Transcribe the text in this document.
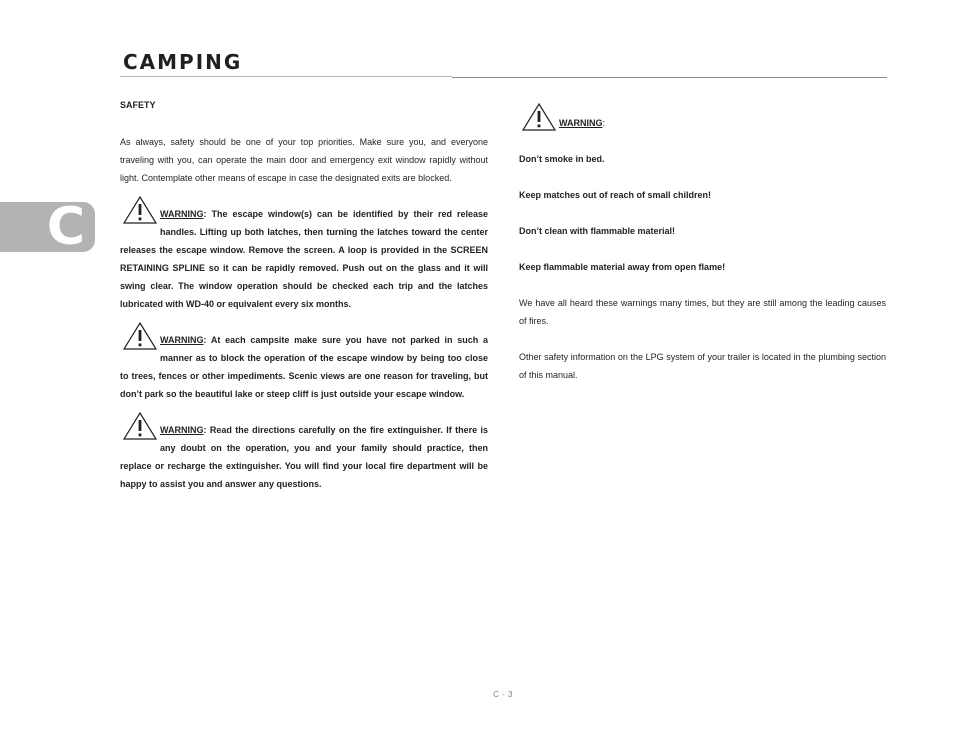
CAMPING
C

SAFETY

As always, safety should be one of your top priorities. Make sure you, and everyone traveling with you, can operate the main door and emergency exit window rapidly without light. Contemplate other means of escape in case the designated exits are blocked.

WARNING: The escape window(s) can be identified by their red release handles. Lifting up both latches, then turning the latches toward the center releases the escape window. Remove the screen. A loop is provided in the SCREEN RETAINING SPLINE so it can be rapidly removed. Push out on the glass and it will swing clear. The window operation should be checked each trip and the latches lubricated with WD-40 or equivalent every six months.

WARNING: At each campsite make sure you have not parked in such a manner as to block the operation of the escape window by being too close to trees, fences or other impediments. Scenic views are one reason for traveling, but don’t park so the beautiful lake or steep cliff is just outside your escape window.

WARNING: Read the directions carefully on the fire extinguisher. If there is any doubt on the operation, you and your family should practice, then replace or recharge the extinguisher. You will find your local fire department will be happy to assist you and answer any questions.

WARNING:

Don’t smoke in bed.

Keep matches out of reach of small children!

Don’t clean with flammable material!

Keep flammable material away from open flame!

We have all heard these warnings many times, but they are still among the leading causes of fires.

Other safety information on the LPG system of your trailer is located in the plumbing section of this manual.

C - 3
